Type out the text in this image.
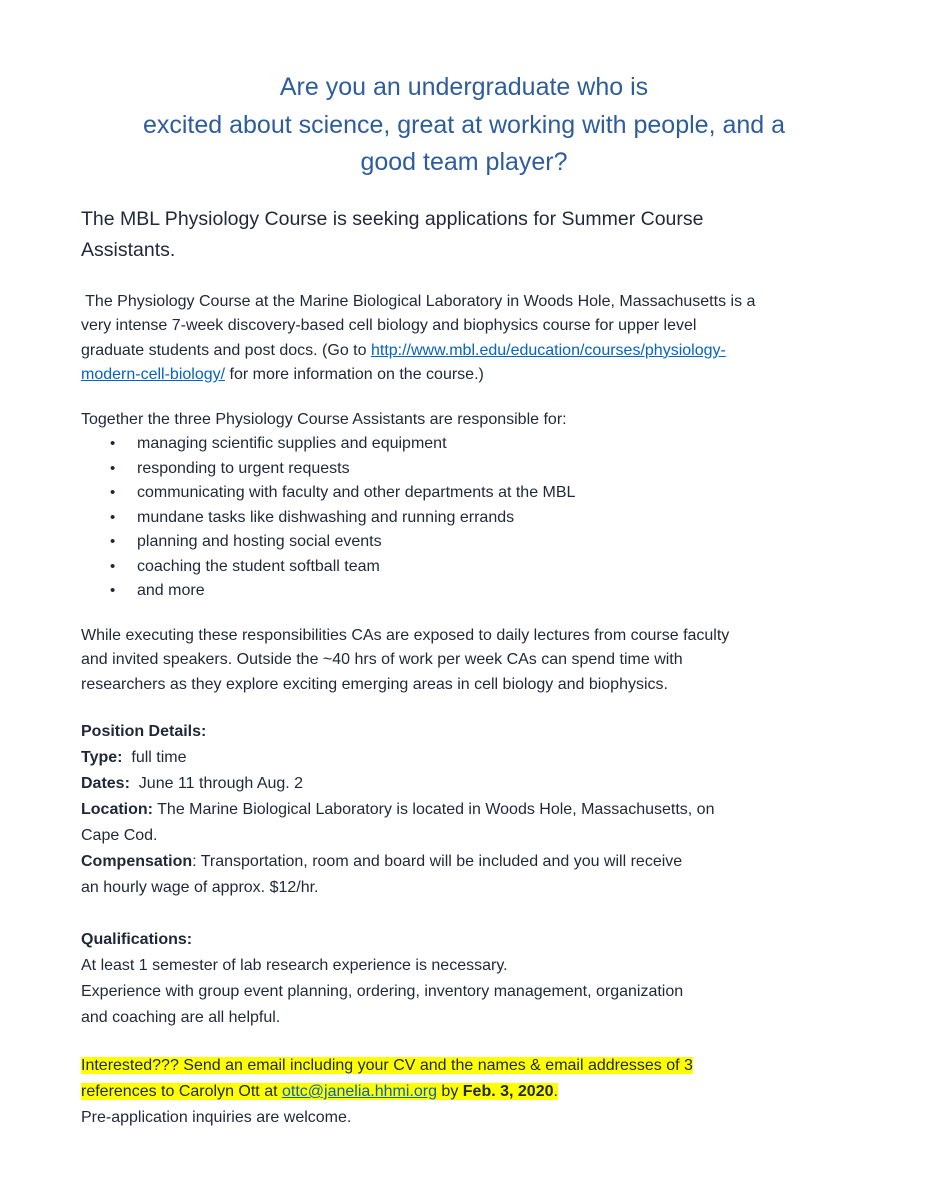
Are you an undergraduate who is
excited about science, great at working with people, and a
good team player?
The MBL Physiology Course is seeking applications for Summer Course
Assistants.
The Physiology Course at the Marine Biological Laboratory in Woods Hole, Massachusetts is a
very intense 7-week discovery-based cell biology and biophysics course for upper level
graduate students and post docs. (Go to http://www.mbl.edu/education/courses/physiology-
modern-cell-biology/ for more information on the course.)
Together the three Physiology Course Assistants are responsible for:
• managing scientific supplies and equipment
• responding to urgent requests
• communicating with faculty and other departments at the MBL
• mundane tasks like dishwashing and running errands
• planning and hosting social events
• coaching the student softball team
• and more
While executing these responsibilities CAs are exposed to daily lectures from course faculty
and invited speakers. Outside the ~40 hrs of work per week CAs can spend time with
researchers as they explore exciting emerging areas in cell biology and biophysics.
Position Details:
Type:  full time
Dates:  June 11 through Aug. 2
Location: The Marine Biological Laboratory is located in Woods Hole, Massachusetts, on
Cape Cod.
Compensation: Transportation, room and board will be included and you will receive
an hourly wage of approx. $12/hr.
Qualifications:
At least 1 semester of lab research experience is necessary.
Experience with group event planning, ordering, inventory management, organization
and coaching are all helpful.
Interested??? Send an email including your CV and the names & email addresses of 3
references to Carolyn Ott at ottc@janelia.hhmi.org by Feb. 3, 2020.
Pre-application inquiries are welcome.
